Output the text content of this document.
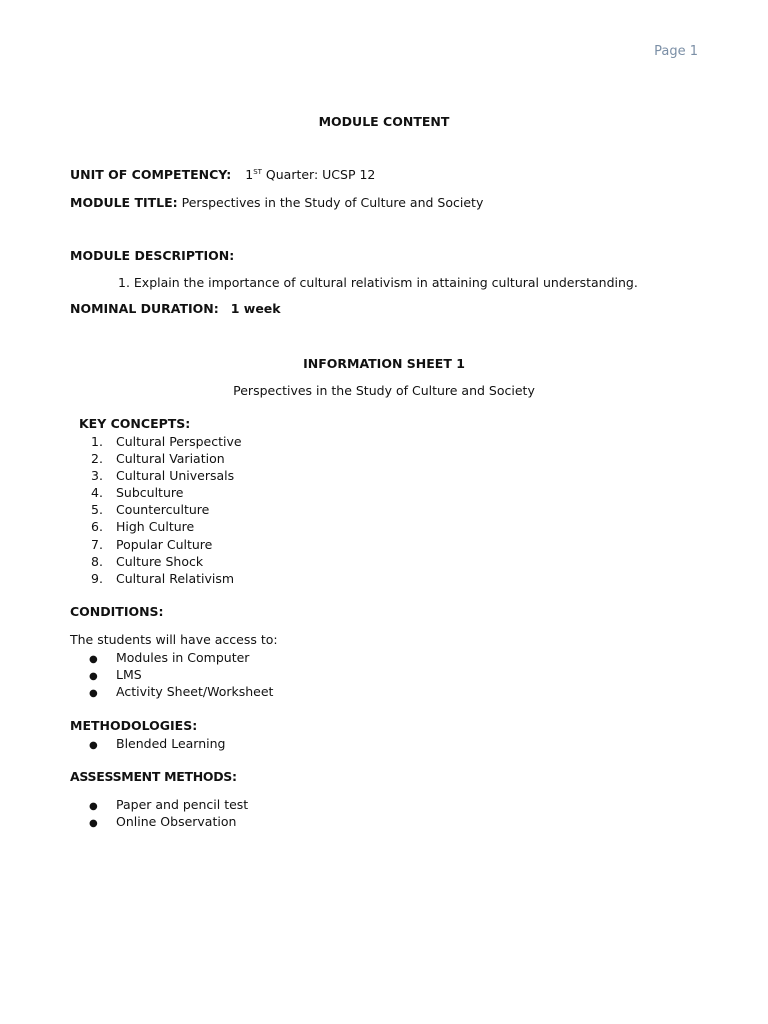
Page 1
MODULE CONTENT
UNIT OF COMPETENCY: 1ST Quarter: UCSP 12
MODULE TITLE: Perspectives in the Study of Culture and Society
MODULE DESCRIPTION:
1. Explain the importance of cultural relativism in attaining cultural understanding.
NOMINAL DURATION: 1 week
INFORMATION SHEET 1
Perspectives in the Study of Culture and Society
KEY CONCEPTS:
1. Cultural Perspective
2. Cultural Variation
3. Cultural Universals
4. Subculture
5. Counterculture
6. High Culture
7. Popular Culture
8. Culture Shock
9. Cultural Relativism
CONDITIONS:
The students will have access to:
● Modules in Computer
● LMS
● Activity Sheet/Worksheet
METHODOLOGIES:
● Blended Learning
ASSESSMENT METHODS:
● Paper and pencil test
● Online Observation
